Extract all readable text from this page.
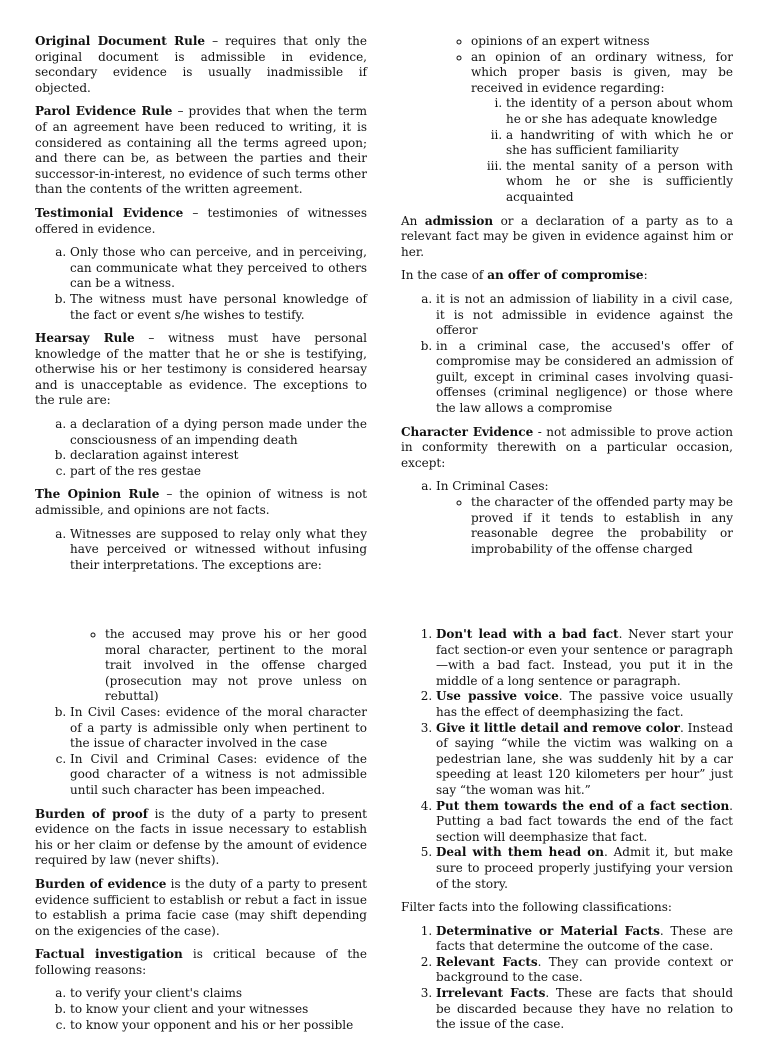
Original Document Rule – requires that only the original document is admissible in evidence, secondary evidence is usually inadmissible if objected.

Parol Evidence Rule – provides that when the term of an agreement have been reduced to writing, it is considered as containing all the terms agreed upon; and there can be, as between the parties and their successor-in-interest, no evidence of such terms other than the contents of the written agreement.

Testimonial Evidence – testimonies of witnesses offered in evidence.

a. Only those who can perceive, and in perceiving, can communicate what they perceived to others can be a witness.
b. The witness must have personal knowledge of the fact or event s/he wishes to testify.

Hearsay Rule – witness must have personal knowledge of the matter that he or she is testifying, otherwise his or her testimony is considered hearsay and is unacceptable as evidence. The exceptions to the rule are:

a. a declaration of a dying person made under the consciousness of an impending death
b. declaration against interest
c. part of the res gestae

The Opinion Rule – the opinion of witness is not admissible, and opinions are not facts.

a. Witnesses are supposed to relay only what they have perceived or witnessed without infusing their interpretations. The exceptions are:
◦ opinions of an expert witness
◦ an opinion of an ordinary witness, for which proper basis is given, may be received in evidence regarding:
i. the identity of a person about whom he or she has adequate knowledge
ii. a handwriting of with which he or she has sufficient familiarity
iii. the mental sanity of a person with whom he or she is sufficiently acquainted

An admission or a declaration of a party as to a relevant fact may be given in evidence against him or her.

In the case of an offer of compromise:

a. it is not an admission of liability in a civil case, it is not admissible in evidence against the offeror
b. in a criminal case, the accused's offer of compromise may be considered an admission of guilt, except in criminal cases involving quasi-offenses (criminal negligence) or those where the law allows a compromise

Character Evidence - not admissible to prove action in conformity therewith on a particular occasion, except:

a. In Criminal Cases:
◦ the character of the offended party may be proved if it tends to establish in any reasonable degree the probability or improbability of the offense charged
◦ the accused may prove his or her good moral character, pertinent to the moral trait involved in the offense charged (prosecution may not prove unless on rebuttal)
b. In Civil Cases: evidence of the moral character of a party is admissible only when pertinent to the issue of character involved in the case
c. In Civil and Criminal Cases: evidence of the good character of a witness is not admissible until such character has been impeached.

Burden of proof is the duty of a party to present evidence on the facts in issue necessary to establish his or her claim or defense by the amount of evidence required by law (never shifts).

Burden of evidence is the duty of a party to present evidence sufficient to establish or rebut a fact in issue to establish a prima facie case (may shift depending on the exigencies of the case).

Factual investigation is critical because of the following reasons:

a. to verify your client's claims
b. to know your client and your witnesses
c. to know your opponent and his or her possible
1. Don't lead with a bad fact. Never start your fact section-or even your sentence or paragraph—with a bad fact. Instead, you put it in the middle of a long sentence or paragraph.
2. Use passive voice. The passive voice usually has the effect of deemphasizing the fact.
3. Give it little detail and remove color. Instead of saying “while the victim was walking on a pedestrian lane, she was suddenly hit by a car speeding at least 120 kilometers per hour” just say “the woman was hit.”
4. Put them towards the end of a fact section. Putting a bad fact towards the end of the fact section will deemphasize that fact.
5. Deal with them head on. Admit it, but make sure to proceed properly justifying your version of the story.

Filter facts into the following classifications:

1. Determinative or Material Facts. These are facts that determine the outcome of the case.
2. Relevant Facts. They can provide context or background to the case.
3. Irrelevant Facts. These are facts that should be discarded because they have no relation to the issue of the case.
